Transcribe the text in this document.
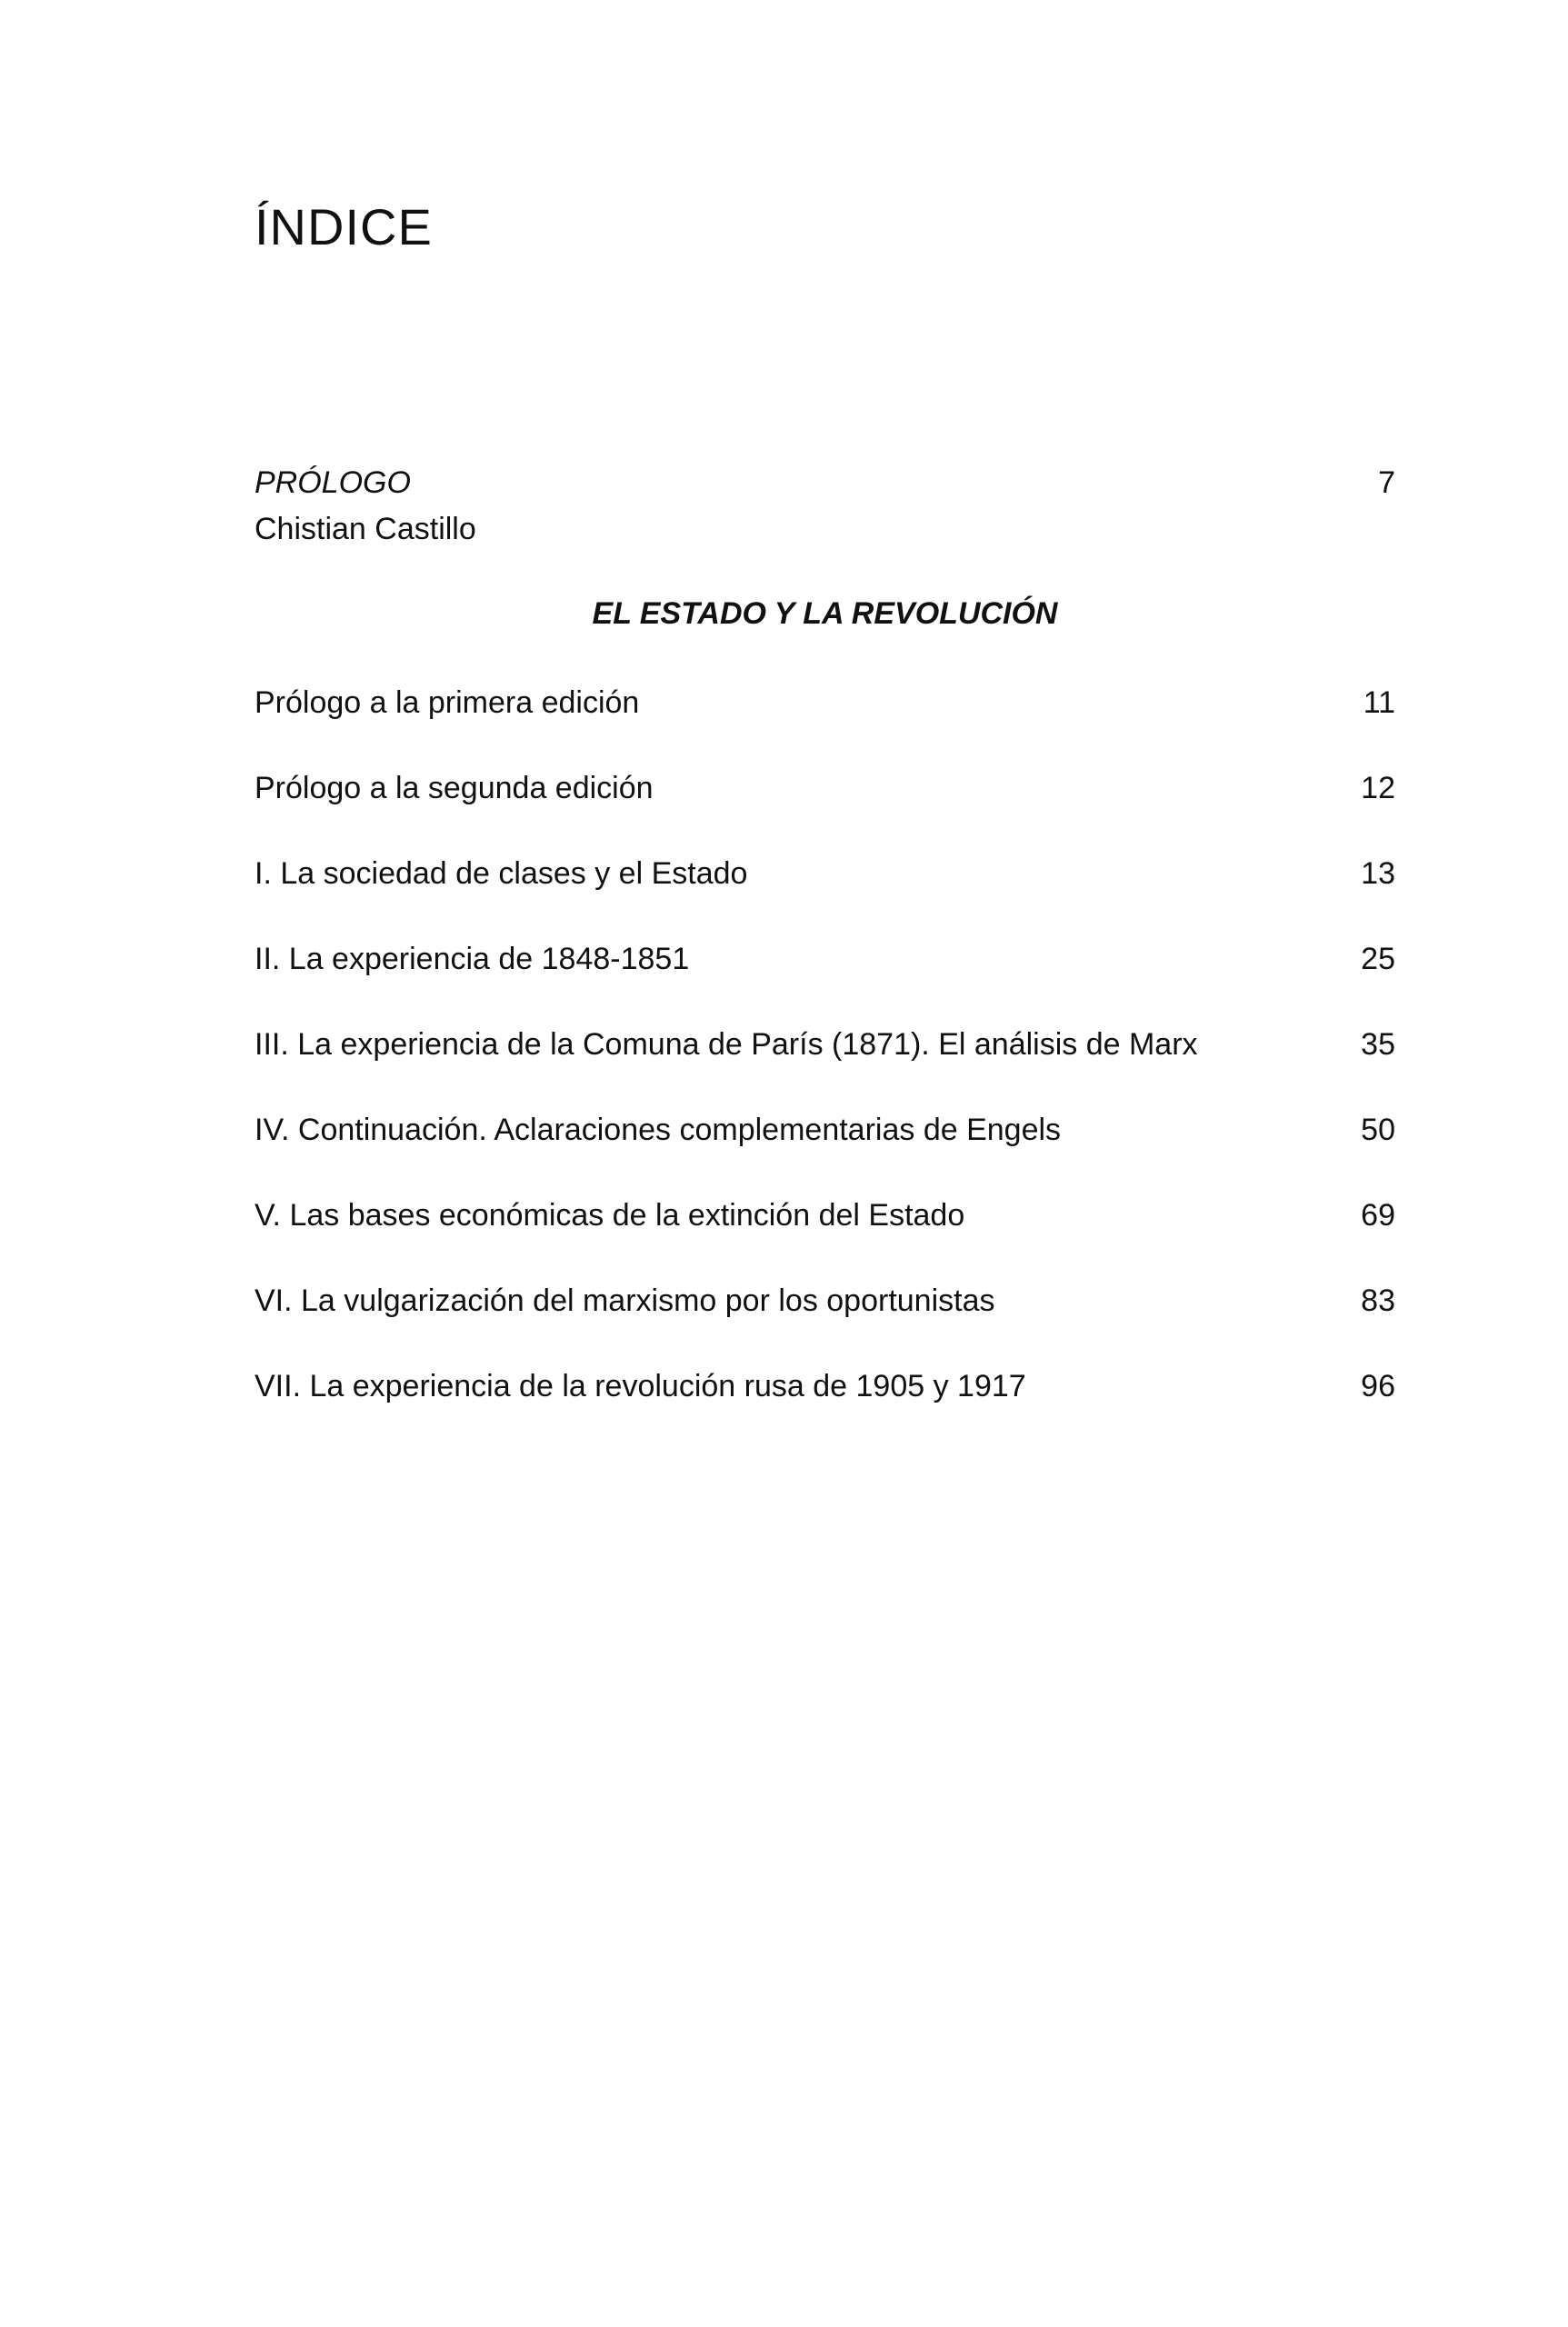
ÍNDICE
PRÓLOGO	7
Chistian Castillo
EL ESTADO Y LA REVOLUCIÓN
Prólogo a la primera edición	11
Prólogo a la segunda edición	12
I. La sociedad de clases y el Estado	13
II. La experiencia de 1848-1851	25
III. La experiencia de la Comuna de París (1871). El análisis de Marx	35
IV. Continuación. Aclaraciones complementarias de Engels	50
V. Las bases económicas de la extinción del Estado	69
VI. La vulgarización del marxismo por los oportunistas	83
VII. La experiencia de la revolución rusa de 1905 y 1917	96
